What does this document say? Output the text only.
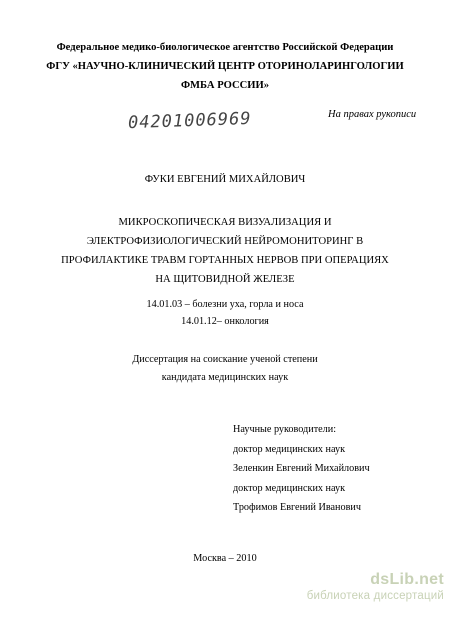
Федеральное медико-биологическое агентство Российской Федерации
ФГУ «НАУЧНО-КЛИНИЧЕСКИЙ ЦЕНТР ОТОРИНОЛАРИНГОЛОГИИ
ФМБА РОССИИ»
04201006969	На правах рукописи
ФУКИ ЕВГЕНИЙ МИХАЙЛОВИЧ
МИКРОСКОПИЧЕСКАЯ ВИЗУАЛИЗАЦИЯ И
ЭЛЕКТРОФИЗИОЛОГИЧЕСКИЙ НЕЙРОМОНИТОРИНГ В
ПРОФИЛАКТИКЕ ТРАВМ ГОРТАННЫХ НЕРВОВ ПРИ ОПЕРАЦИЯХ
НА ЩИТОВИДНОЙ ЖЕЛЕЗЕ
14.01.03 – болезни уха, горла и носа
14.01.12– онкология
Диссертация на соискание ученой степени
кандидата медицинских наук
Научные руководители:
доктор медицинских наук
Зеленкин Евгений Михайлович
доктор медицинских наук
Трофимов Евгений Иванович
Москва – 2010
dsLib.net
библиотека диссертаций
